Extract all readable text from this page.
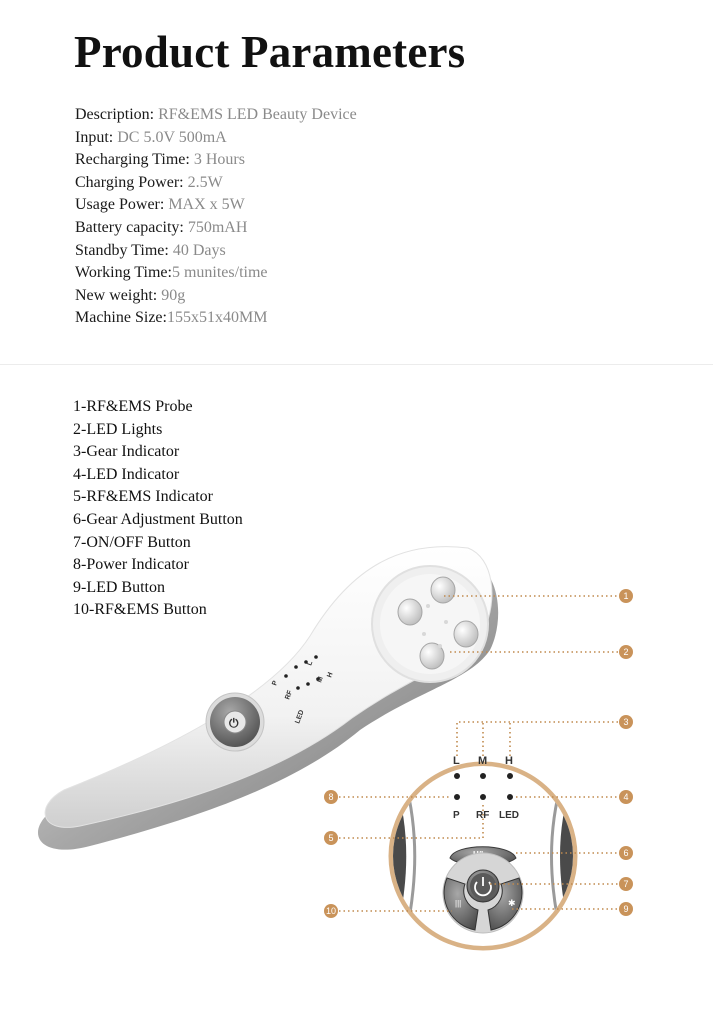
Product Parameters
Description: RF&EMS LED Beauty Device
Input: DC 5.0V 500mA
Recharging Time: 3 Hours
Charging Power: 2.5W
Usage Power: MAX x 5W
Battery capacity: 750mAH
Standby Time: 40 Days
Working Time:5 munites/time
New weight: 90g
Machine Size:155x51x40MM
1-RF&EMS Probe
2-LED Lights
3-Gear Indicator
4-LED Indicator
5-RF&EMS Indicator
6-Gear Adjustment Button
7-ON/OFF Button
8-Power Indicator
9-LED Button
10-RF&EMS Button
L
M
H
P
RF
LED
⏻
L M H
P RF LED
|||	✱
1
2
3
4
5
6
7
8
9
10
